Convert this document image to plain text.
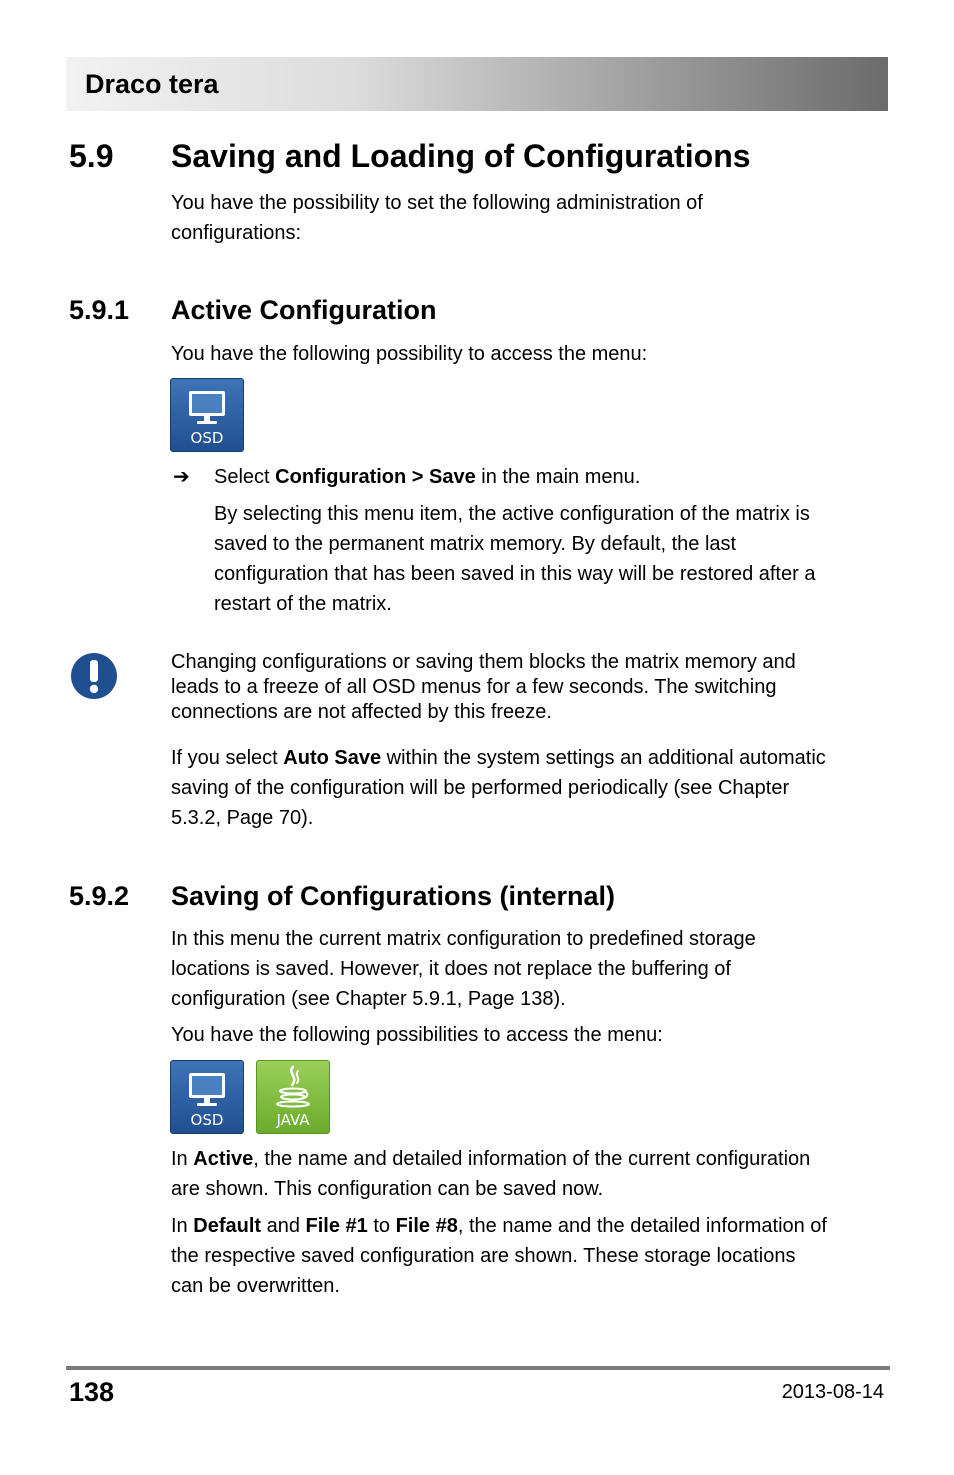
Draco tera
5.9 Saving and Loading of Configurations
You have the possibility to set the following administration of
configurations:
5.9.1 Active Configuration
You have the following possibility to access the menu:
OSD
➔ Select Configuration > Save in the main menu.
By selecting this menu item, the active configuration of the matrix is
saved to the permanent matrix memory. By default, the last
configuration that has been saved in this way will be restored after a
restart of the matrix.
Changing configurations or saving them blocks the matrix memory and
leads to a freeze of all OSD menus for a few seconds. The switching
connections are not affected by this freeze.
If you select Auto Save within the system settings an additional automatic
saving of the configuration will be performed periodically (see Chapter
5.3.2, Page 70).
5.9.2 Saving of Configurations (internal)
In this menu the current matrix configuration to predefined storage
locations is saved. However, it does not replace the buffering of
configuration (see Chapter 5.9.1, Page 138).
You have the following possibilities to access the menu:
OSD	JAVA
In Active, the name and detailed information of the current configuration
are shown. This configuration can be saved now.
In Default and File #1 to File #8, the name and the detailed information of
the respective saved configuration are shown. These storage locations
can be overwritten.
138	2013-08-14
